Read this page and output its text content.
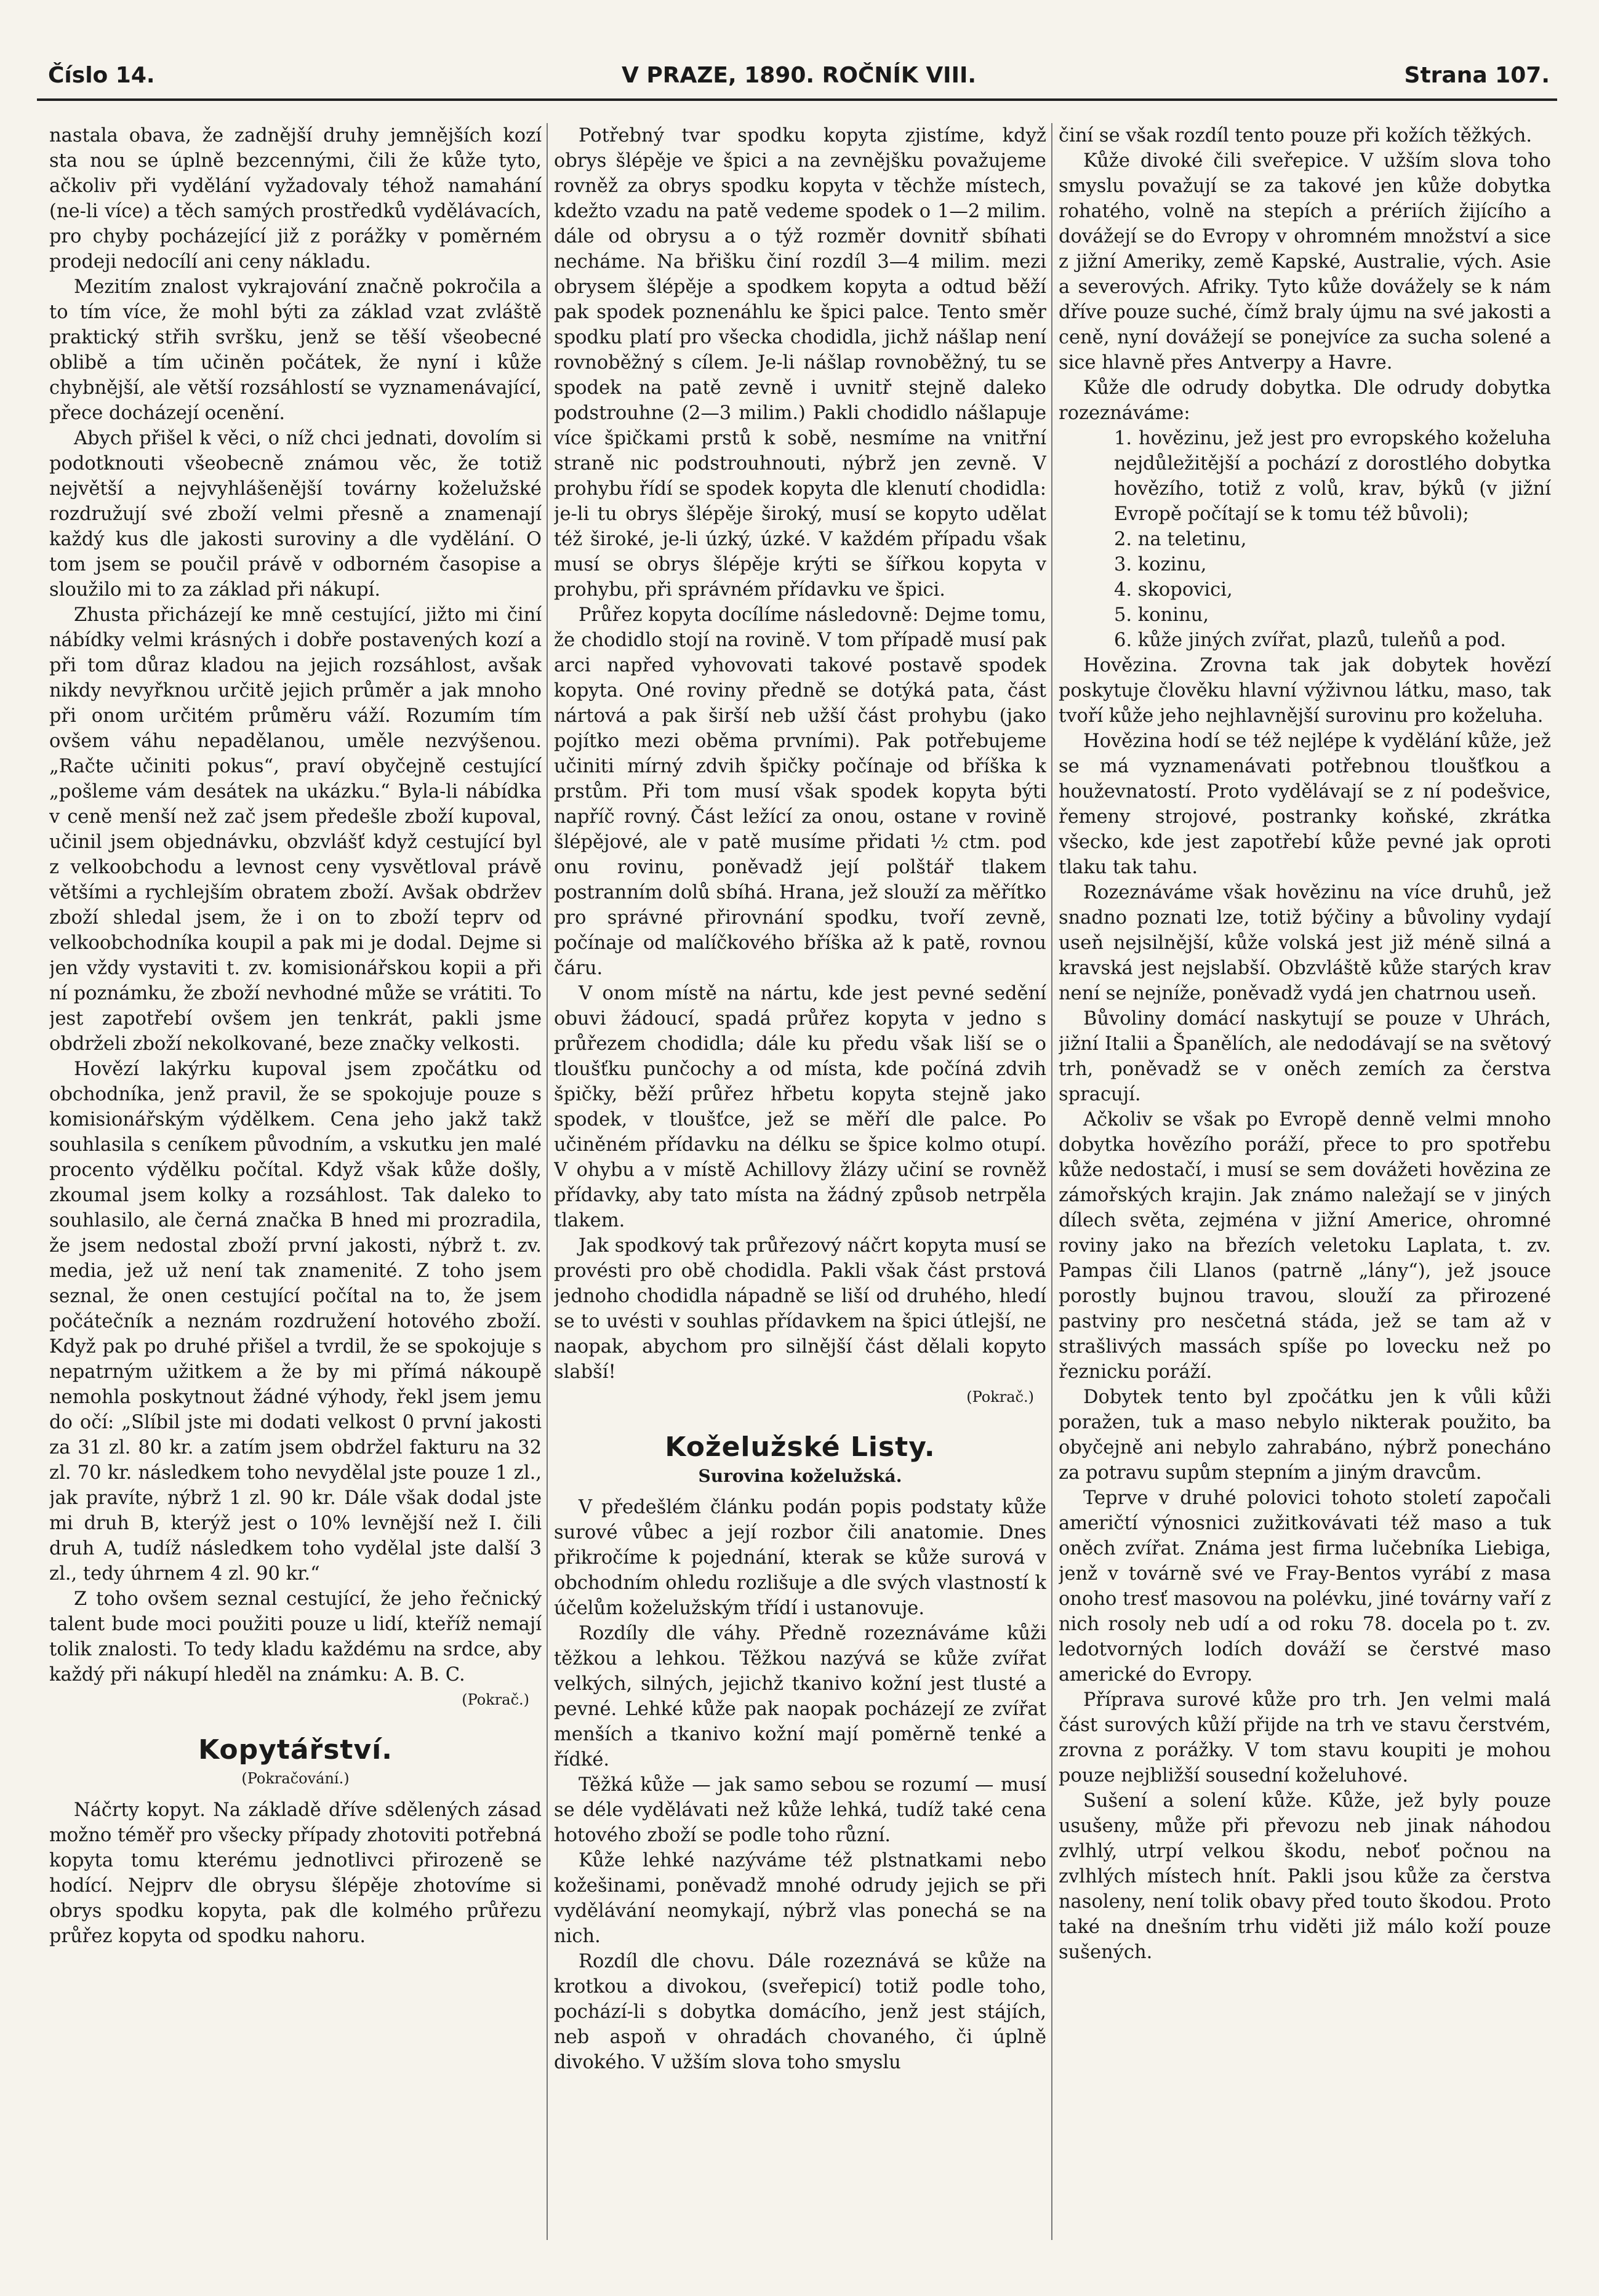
Číslo 14.	V PRAZE, 1890. ROČNÍK VIII.	Strana 107.

nastala obava, že zadnější druhy jemnějších kozí sta nou se úplně bezcennými, čili že kůže tyto, ačkoliv při vydělání vyžadovaly téhož namahání (ne-li více) a těch samých prostředků vydělávacích, pro chyby pocházející již z porážky v poměrném prodeji nedocílí ani ceny nákladu.

Mezitím znalost vykrajování značně pokročila a to tím více, že mohl býti za základ vzat zvláště praktický střih svršku, jenž se těší všeobecné oblibě a tím učiněn počátek, že nyní i kůže chybnější, ale větší rozsáhlostí se vyznamenávající, přece docházejí ocenění.

Abych přišel k věci, o níž chci jednati, dovolím si podotknouti všeobecně známou věc, že totiž největší a nejvyhlášenější továrny koželužské rozdružují své zboží velmi přesně a znamenají každý kus dle jakosti suroviny a dle vydělání. O tom jsem se poučil právě v odborném časopise a sloužilo mi to za základ při nákupí.

Zhusta přicházejí ke mně cestující, jižto mi činí nábídky velmi krásných i dobře postavených kozí a při tom důraz kladou na jejich rozsáhlost, avšak nikdy nevyřknou určitě jejich průměr a jak mnoho při onom určitém průměru váží. Rozumím tím ovšem váhu nepadělanou, uměle nezvýšenou. „Račte učiniti pokus“, praví obyčejně cestující „pošleme vám desátek na ukázku.“ Byla-li nábídka v ceně menší než zač jsem předešle zboží kupoval, učinil jsem objednávku, obzvlášť když cestující byl z velkoobchodu a levnost ceny vysvětloval právě většími a rychlejším obratem zboží. Avšak obdržev zboží shledal jsem, že i on to zboží teprv od velkoobchodníka koupil a pak mi je dodal. Dejme si jen vždy vystaviti t. zv. komisionářskou kopii a při ní poznámku, že zboží nevhodné může se vrátiti. To jest zapotřebí ovšem jen tenkrát, pakli jsme obdrželi zboží nekolkované, beze značky velkosti.

Hovězí lakýrku kupoval jsem zpočátku od obchodníka, jenž pravil, že se spokojuje pouze s komisionářským výdělkem. Cena jeho jakž takž souhlasila s ceníkem původním, a vskutku jen malé procento výdělku počítal. Když však kůže došly, zkoumal jsem kolky a rozsáhlost. Tak daleko to souhlasilo, ale černá značka B hned mi prozradila, že jsem nedostal zboží první jakosti, nýbrž t. zv. media, jež už není tak znamenité. Z toho jsem seznal, že onen cestující počítal na to, že jsem počátečník a neznám rozdružení hotového zboží. Když pak po druhé přišel a tvrdil, že se spokojuje s nepatrným užitkem a že by mi přímá nákoupě nemohla poskytnout žádné výhody, řekl jsem jemu do očí: „Slíbil jste mi dodati velkost 0 první jakosti za 31 zl. 80 kr. a zatím jsem obdržel fakturu na 32 zl. 70 kr. následkem toho nevydělal jste pouze 1 zl., jak pravíte, nýbrž 1 zl. 90 kr. Dále však dodal jste mi druh B, kterýž jest o 10% levnější než I. čili druh A, tudíž následkem toho vydělal jste další 3 zl., tedy úhrnem 4 zl. 90 kr.“

Z toho ovšem seznal cestující, že jeho řečnický talent bude moci použiti pouze u lidí, kteříž nemají tolik znalosti. To tedy kladu každému na srdce, aby každý při nákupí hleděl na známku: A. B. C.

(Pokrač.)
Kopytářství.
(Pokračování.)

Náčrty kopyt. Na základě dříve sdělených zásad možno téměř pro všecky případy zhotoviti potřebná kopyta tomu kterému jednotlivci přirozeně se hodící. Nejprv dle obrysu šlépěje zhotovíme si obrys spodku kopyta, pak dle kolmého průřezu průřez kopyta od spodku nahoru.

Potřebný tvar spodku kopyta zjistíme, když obrys šlépěje ve špici a na zevnějšku považujeme rovněž za obrys spodku kopyta v těchže místech, kdežto vzadu na patě vedeme spodek o 1—2 milim. dále od obrysu a o týž rozměr dovnitř sbíhati necháme. Na břišku činí rozdíl 3—4 milim. mezi obrysem šlépěje a spodkem kopyta a odtud běží pak spodek poznenáhlu ke špici palce. Tento směr spodku platí pro všecka chodidla, jichž nášlap není rovnoběžný s cílem. Je-li nášlap rovnoběžný, tu se spodek na patě zevně i uvnitř stejně daleko podstrouhne (2—3 milim.) Pakli chodidlo nášlapuje více špičkami prstů k sobě, nesmíme na vnitřní straně nic podstrouhnouti, nýbrž jen zevně. V prohybu řídí se spodek kopyta dle klenutí chodidla: je-li tu obrys šlépěje široký, musí se kopyto udělat též široké, je-li úzký, úzké. V každém případu však musí se obrys šlépěje krýti se šířkou kopyta v prohybu, při správném přídavku ve špici.

Průřez kopyta docílíme následovně: Dejme tomu, že chodidlo stojí na rovině. V tom případě musí pak arci napřed vyhovovati takové postavě spodek kopyta. Oné roviny předně se dotýká pata, část nártová a pak širší neb užší část prohybu (jako pojítko mezi oběma prvními). Pak potřebujeme učiniti mírný zdvih špičky počínaje od bříška k prstům. Při tom musí však spodek kopyta býti napříč rovný. Část ležící za onou, ostane v rovině šlépějové, ale v patě musíme přidati ½ ctm. pod onu rovinu, poněvadž její polštář tlakem postranním dolů sbíhá. Hrana, jež slouží za měřítko pro správné přirovnání spodku, tvoří zevně, počínaje od malíčkového bříška až k patě, rovnou čáru.

V onom místě na nártu, kde jest pevné sedění obuvi žádoucí, spadá průřez kopyta v jedno s průřezem chodidla; dále ku předu však liší se o tloušťku punčochy a od místa, kde počíná zdvih špičky, běží průřez hřbetu kopyta stejně jako spodek, v tloušťce, jež se měří dle palce. Po učiněném přídavku na délku se špice kolmo otupí. V ohybu a v místě Achillovy žlázy učiní se rovněž přídavky, aby tato místa na žádný způsob netrpěla tlakem.

Jak spodkový tak průřezový náčrt kopyta musí se provésti pro obě chodidla. Pakli však část prstová jednoho chodidla nápadně se liší od druhého, hledí se to uvésti v souhlas přídavkem na špici útlejší, ne naopak, abychom pro silnější část dělali kopyto slabší!

(Pokrač.)
Koželužské Listy.
Surovina koželužská.

V předešlém článku podán popis podstaty kůže surové vůbec a její rozbor čili anatomie. Dnes přikročíme k pojednání, kterak se kůže surová v obchodním ohledu rozlišuje a dle svých vlastností k účelům koželužským třídí i ustanovuje.

Rozdíly dle váhy. Předně rozeznáváme kůži těžkou a lehkou. Těžkou nazývá se kůže zvířat velkých, silných, jejichž tkanivo kožní jest tlusté a pevné. Lehké kůže pak naopak pocházejí ze zvířat menších a tkanivo kožní mají poměrně tenké a řídké.

Těžká kůže — jak samo sebou se rozumí — musí se déle vydělávati než kůže lehká, tudíž také cena hotového zboží se podle toho různí.

Kůže lehké nazýváme též plstnatkami nebo kožešinami, poněvadž mnohé odrudy jejich se při vydělávání neomykají, nýbrž vlas ponechá se na nich.

Rozdíl dle chovu. Dále rozeznává se kůže na krotkou a divokou, (sveřepicí) totiž podle toho, pochází-li s dobytka domácího, jenž jest stájích, neb aspoň v ohradách chovaného, či úplně divokého. V užším slova toho smyslu

činí se však rozdíl tento pouze při kožích těžkých.

Kůže divoké čili sveřepice. V užším slova toho smyslu považují se za takové jen kůže dobytka rohatého, volně na stepích a prériích žijícího a dovážejí se do Evropy v ohromném množství a sice z jižní Ameriky, země Kapské, Australie, vých. Asie a severových. Afriky. Tyto kůže dovážely se k nám dříve pouze suché, čímž braly újmu na své jakosti a ceně, nyní dovážejí se ponejvíce za sucha solené a sice hlavně přes Antverpy a Havre.

Kůže dle odrudy dobytka. Dle odrudy dobytka rozeznáváme:

1. hovězinu, jež jest pro evropského koželuha nejdůležitější a pochází z dorostlého dobytka hovězího, totiž z volů, krav, býků (v jižní Evropě počítají se k tomu též bůvoli);
2. na teletinu,
3. kozinu,
4. skopovici,
5. koninu,
6. kůže jiných zvířat, plazů, tuleňů a pod.

Hovězina. Zrovna tak jak dobytek hovězí poskytuje člověku hlavní výživnou látku, maso, tak tvoří kůže jeho nejhlavnější surovinu pro koželuha.

Hovězina hodí se též nejlépe k vydělání kůže, jež se má vyznamenávati potřebnou tloušťkou a houževnatostí. Proto vydělávají se z ní podešvice, řemeny strojové, postranky koňské, zkrátka všecko, kde jest zapotřebí kůže pevné jak oproti tlaku tak tahu.

Rozeznáváme však hovězinu na více druhů, jež snadno poznati lze, totiž býčiny a bůvoliny vydají useň nejsilnější, kůže volská jest již méně silná a kravská jest nejslabší. Obzvláště kůže starých krav není se nejníže, poněvadž vydá jen chatrnou useň.

Bůvoliny domácí naskytují se pouze v Uhrách, jižní Italii a Španělích, ale nedodávají se na světový trh, poněvadž se v oněch zemích za čerstva spracují.

Ačkoliv se však po Evropě denně velmi mnoho dobytka hovězího poráží, přece to pro spotřebu kůže nedostačí, i musí se sem dovážeti hovězina ze zámořských krajin. Jak známo naležají se v jiných dílech světa, zejména v jižní Americe, ohromné roviny jako na březích veletoku Laplata, t. zv. Pampas čili Llanos (patrně „lány“), jež jsouce porostly bujnou travou, slouží za přirozené pastviny pro nesčetná stáda, jež se tam až v strašlivých massách spíše po lovecku než po řeznicku poráží.

Dobytek tento byl zpočátku jen k vůli kůži poražen, tuk a maso nebylo nikterak použito, ba obyčejně ani nebylo zahrabáno, nýbrž ponecháno za potravu supům stepním a jiným dravcům.

Teprve v druhé polovici tohoto století započali američtí výnosnici zužitkovávati též maso a tuk oněch zvířat. Známa jest firma lučebníka Liebiga, jenž v továrně své ve Fray-Bentos vyrábí z masa onoho tresť masovou na polévku, jiné továrny vaří z nich rosoly neb udí a od roku 78. docela po t. zv. ledotvorných lodích dováží se čerstvé maso americké do Evropy.

Příprava surové kůže pro trh. Jen velmi malá část surových kůží přijde na trh ve stavu čerstvém, zrovna z porážky. V tom stavu koupiti je mohou pouze nejbližší sousední koželuhové.

Sušení a solení kůže. Kůže, jež byly pouze usušeny, může při převozu neb jinak náhodou zvlhlý, utrpí velkou škodu, neboť počnou na zvlhlých místech hnít. Pakli jsou kůže za čerstva nasoleny, není tolik obavy před touto škodou. Proto také na dnešním trhu viděti již málo koží pouze sušených.
